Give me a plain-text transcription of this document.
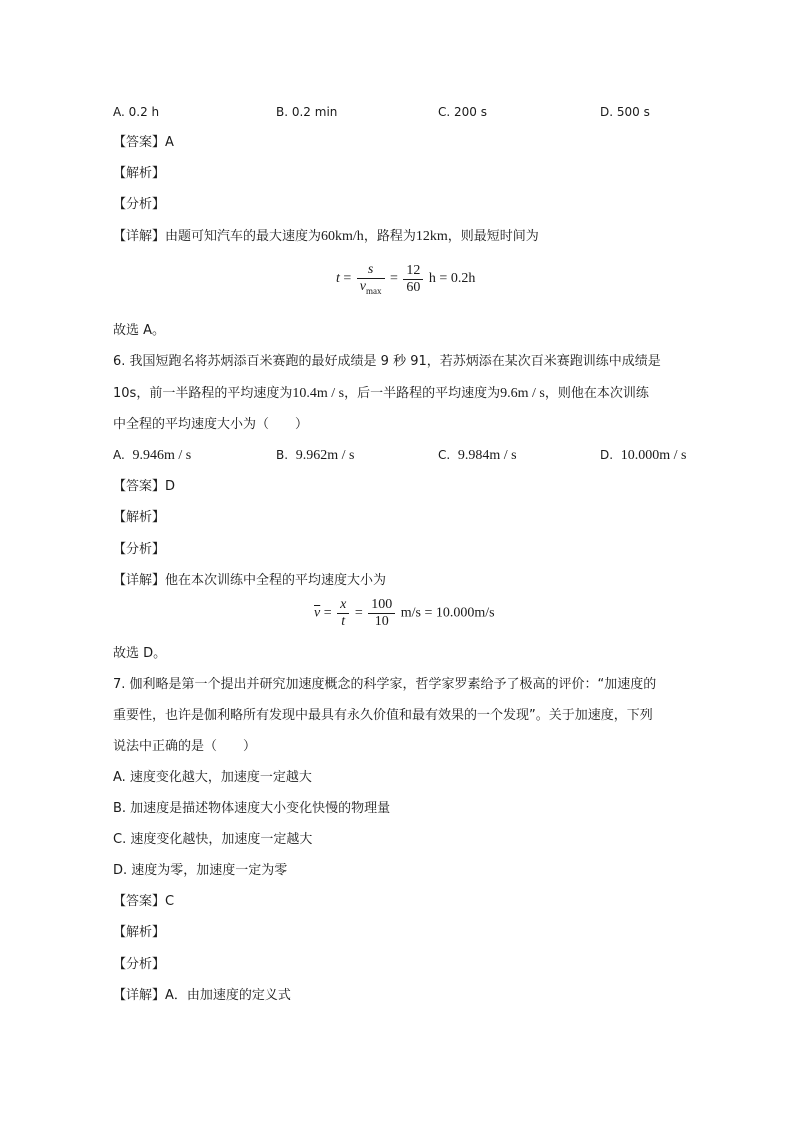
A. 0.2 h	B. 0.2 min	C. 200 s	D. 500 s
【答案】A
【解析】
【分析】
【详解】由题可知汽车的最大速度为60km/h，路程为12km，则最短时间为
$t = \frac{s}{v_{max}} = \frac{12}{60}$ h = 0.2h
故选 A。
6. 我国短跑名将苏炳添百米赛跑的最好成绩是 9 秒 91，若苏炳添在某次百米赛跑训练中成绩是
10s，前一半路程的平均速度为10.4m / s，后一半路程的平均速度为9.6m / s，则他在本次训练
中全程的平均速度大小为（　　）
A. 9.946m / s	B. 9.962m / s	C. 9.984m / s	D. 10.000m / s
【答案】D
【解析】
【分析】
【详解】他在本次训练中全程的平均速度大小为
$\overline{v} = \frac{x}{t} = \frac{100}{10} m/s = 10.000m/s$
故选 D。
7. 伽利略是第一个提出并研究加速度概念的科学家，哲学家罗素给予了极高的评价：“加速度的
重要性，也许是伽利略所有发现中最具有永久价值和最有效果的一个发现”。关于加速度，下列
说法中正确的是（　　）
A. 速度变化越大，加速度一定越大
B. 加速度是描述物体速度大小变化快慢的物理量
C. 速度变化越快，加速度一定越大
D. 速度为零，加速度一定为零
【答案】C
【解析】
【分析】
【详解】A．由加速度的定义式
